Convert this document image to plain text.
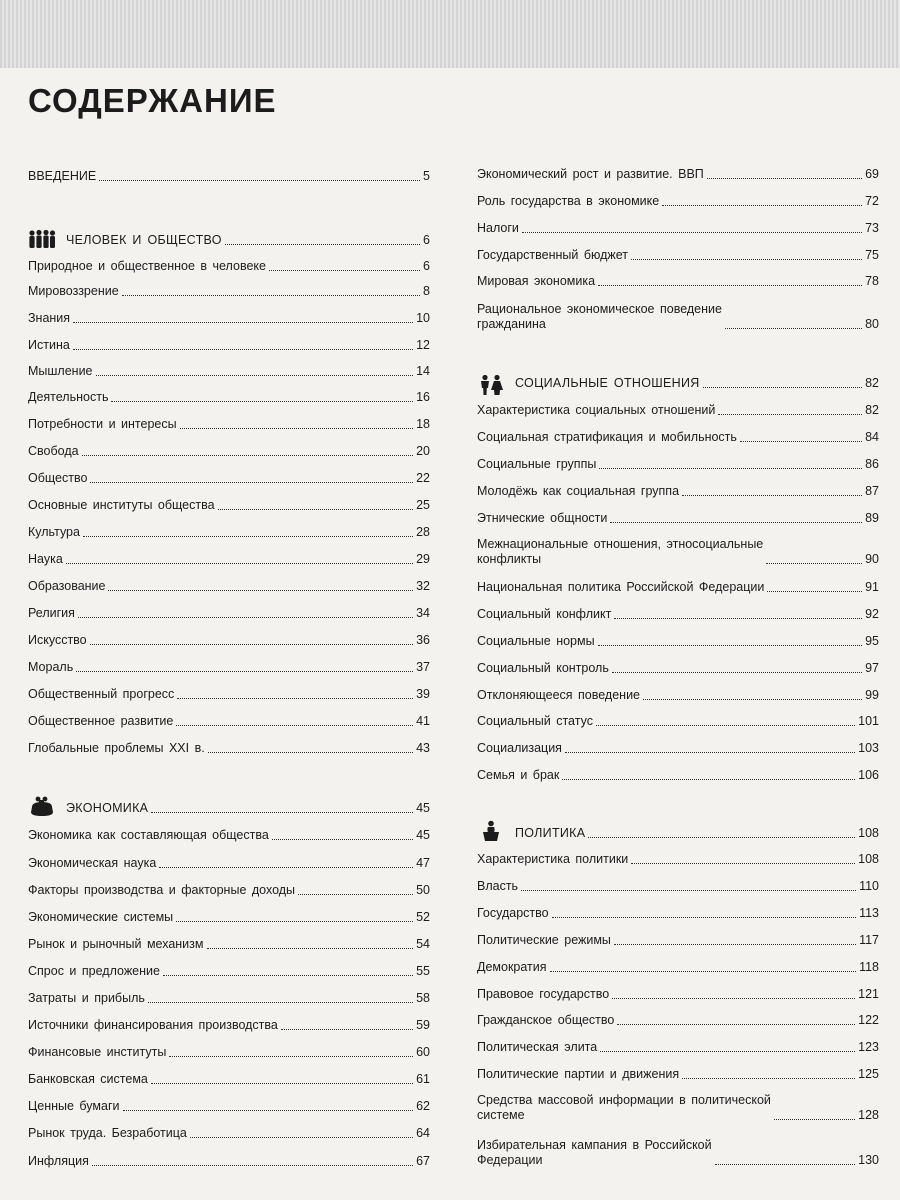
СОДЕРЖАНИЕ
ВВЕДЕНИЕ	5
ЧЕЛОВЕК И ОБЩЕСТВО	6
Природное и общественное в человеке	6
Мировоззрение	8
Знания	10
Истина	12
Мышление	14
Деятельность	16
Потребности и интересы	18
Свобода	20
Общество	22
Основные институты общества	25
Культура	28
Наука	29
Образование	32
Религия	34
Искусство	36
Мораль	37
Общественный прогресс	39
Общественное развитие	41
Глобальные проблемы XXI в.	43
ЭКОНОМИКА	45
Экономика как составляющая общества	45
Экономическая наука	47
Факторы производства и факторные доходы	50
Экономические системы	52
Рынок и рыночный механизм	54
Спрос и предложение	55
Затраты и прибыль	58
Источники финансирования производства	59
Финансовые институты	60
Банковская система	61
Ценные бумаги	62
Рынок труда. Безработица	64
Инфляция	67
Экономический рост и развитие. ВВП	69
Роль государства в экономике	72
Налоги	73
Государственный бюджет	75
Мировая экономика	78
Рациональное экономическое поведение
гражданина	80
СОЦИАЛЬНЫЕ ОТНОШЕНИЯ	82
Характеристика социальных отношений	82
Социальная стратификация и мобильность	84
Социальные группы	86
Молодёжь как социальная группа	87
Этнические общности	89
Межнациональные отношения, этносоциальные
конфликты	90
Национальная политика Российской Федерации	91
Социальный конфликт	92
Социальные нормы	95
Социальный контроль	97
Отклоняющееся поведение	99
Социальный статус	101
Социализация	103
Семья и брак	106
ПОЛИТИКА	108
Характеристика политики	108
Власть	110
Государство	113
Политические режимы	117
Демократия	118
Правовое государство	121
Гражданское общество	122
Политическая элита	123
Политические партии и движения	125
Средства массовой информации в политической
системе	128
Избирательная кампания в Российской
Федерации	130
